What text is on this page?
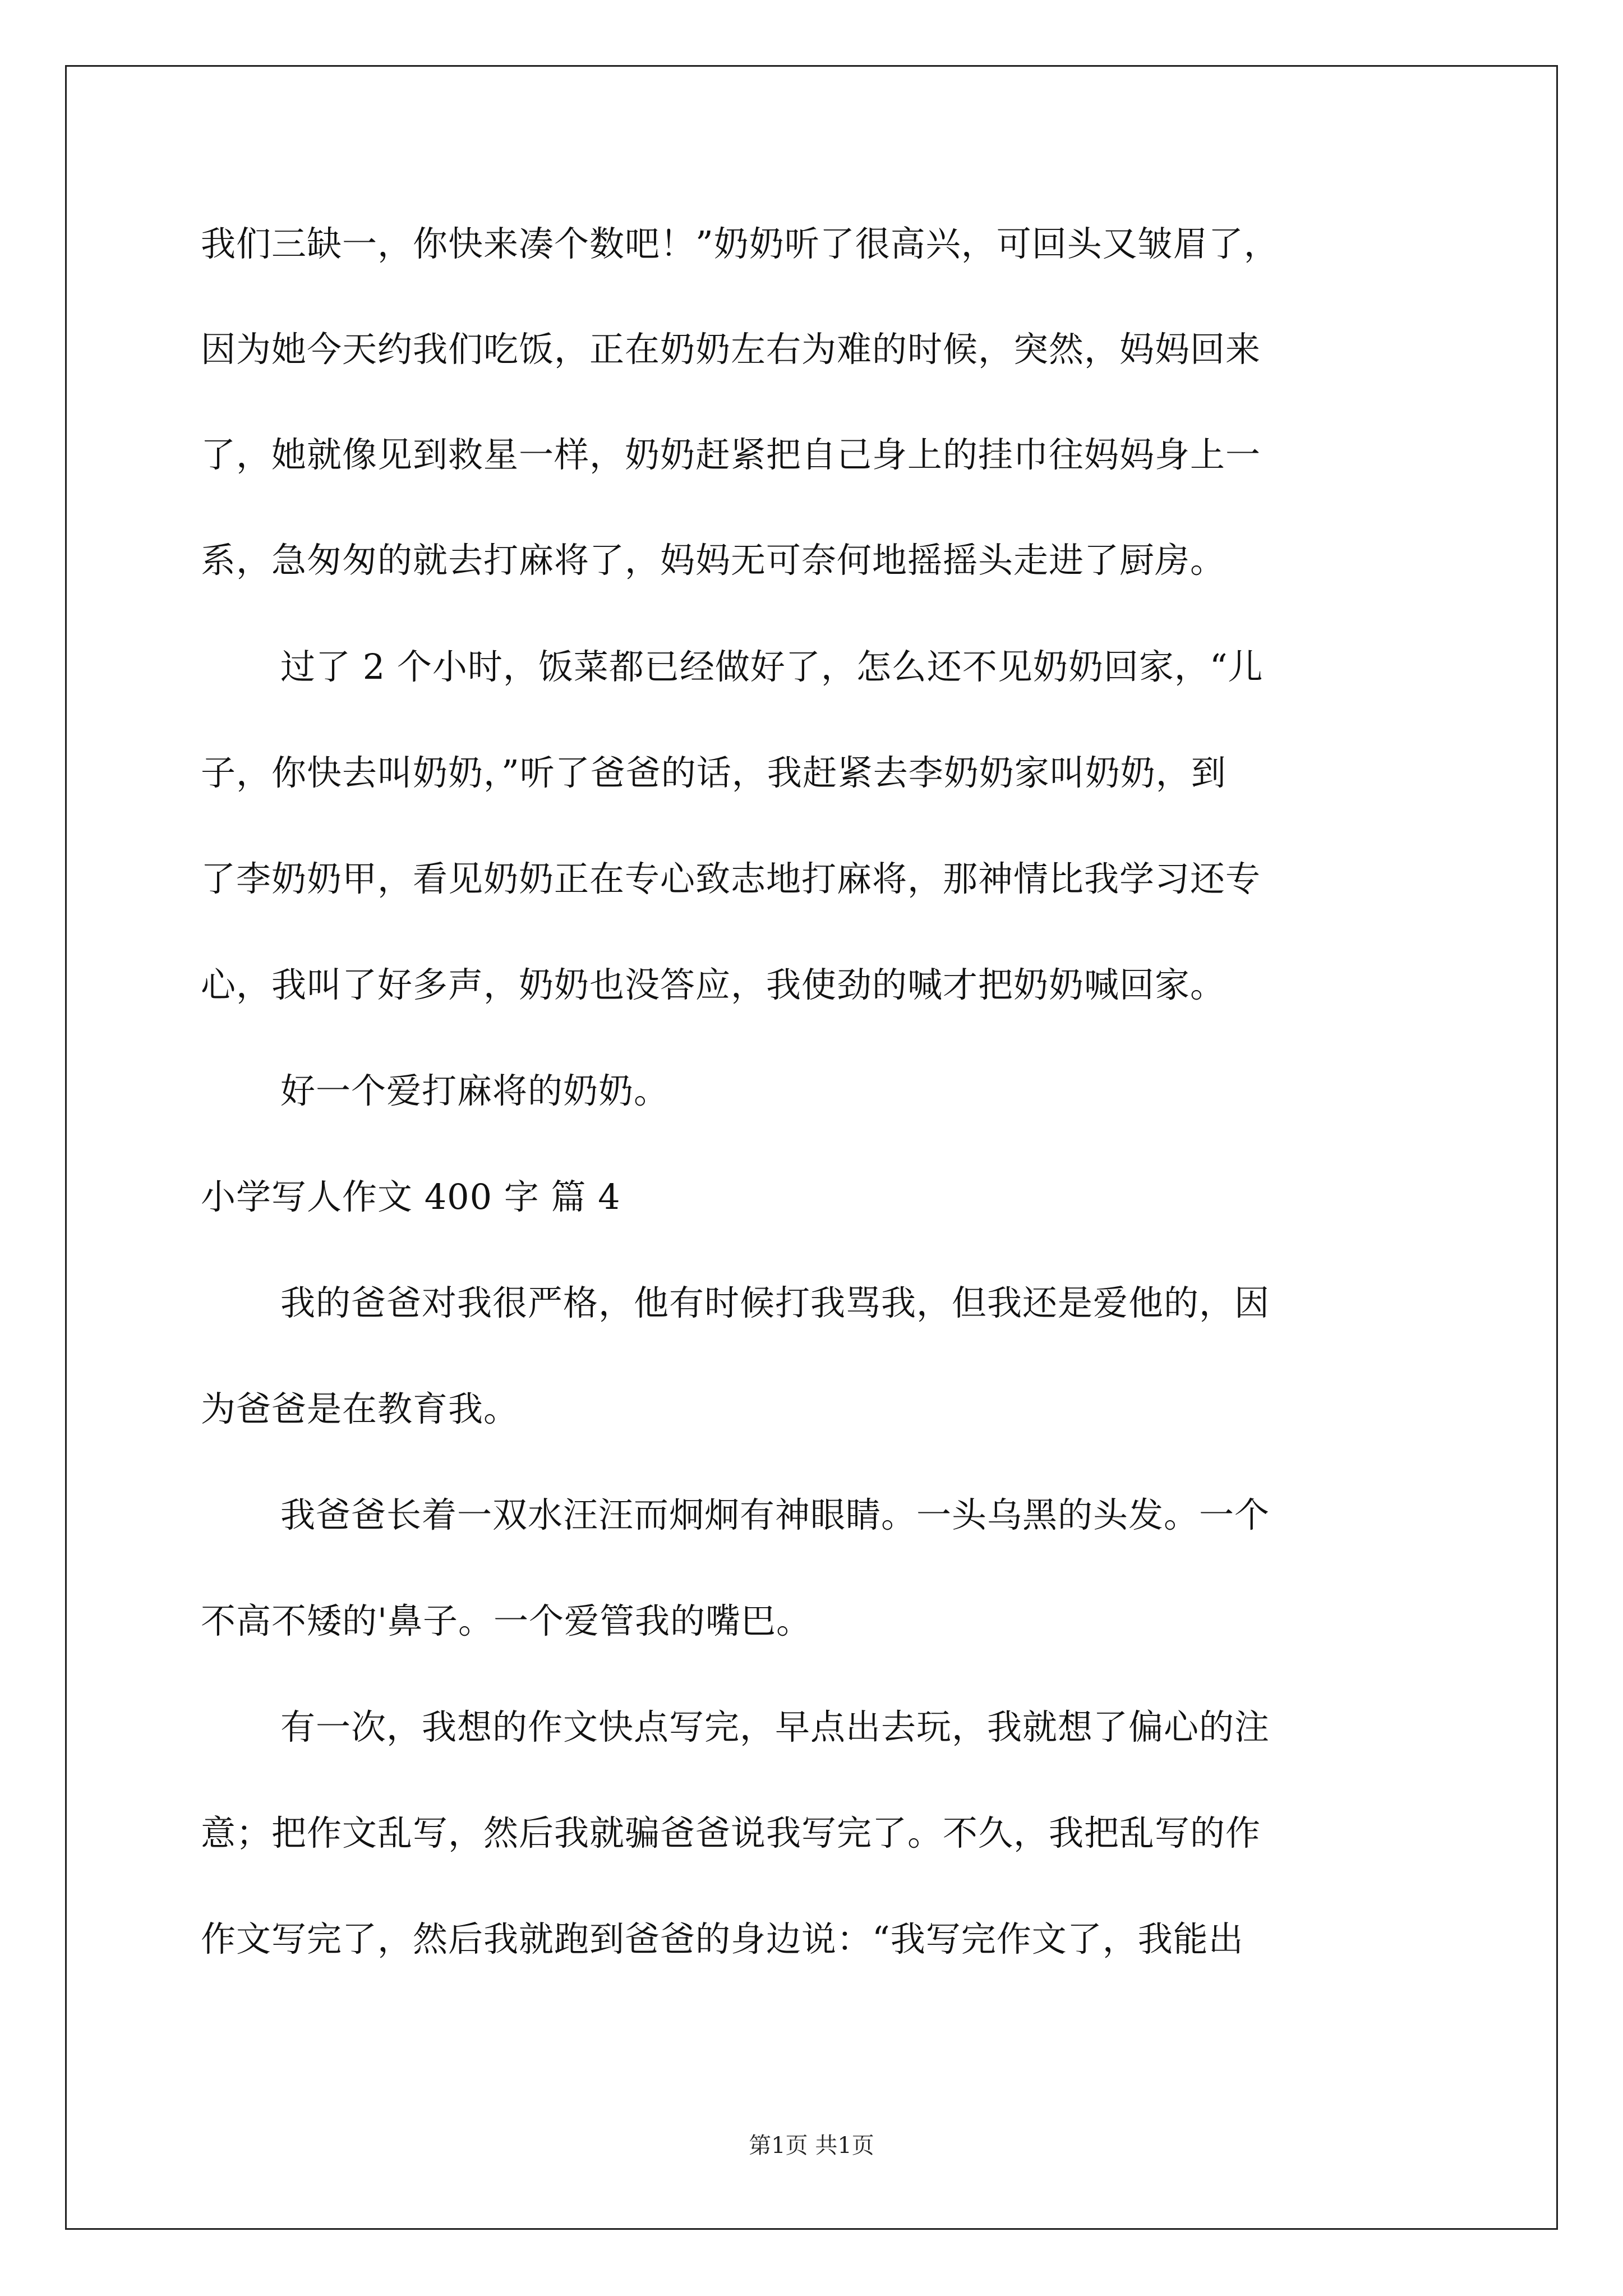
我们三缺一，你快来凑个数吧！”奶奶听了很高兴，可回头又皱眉了，
因为她今天约我们吃饭，正在奶奶左右为难的时候，突然，妈妈回来
了，她就像见到救星一样，奶奶赶紧把自己身上的挂巾往妈妈身上一
系，急匆匆的就去打麻将了，妈妈无可奈何地摇摇头走进了厨房。
过了 2 个小时，饭菜都已经做好了，怎么还不见奶奶回家，“儿
子，你快去叫奶奶，”听了爸爸的话，我赶紧去李奶奶家叫奶奶，到
了李奶奶甲，看见奶奶正在专心致志地打麻将，那神情比我学习还专
心，我叫了好多声，奶奶也没答应，我使劲的喊才把奶奶喊回家。
好一个爱打麻将的奶奶。
小学写人作文 400 字 篇 4
我的爸爸对我很严格，他有时候打我骂我，但我还是爱他的，因
为爸爸是在教育我。
我爸爸长着一双水汪汪而炯炯有神眼睛。一头乌黑的头发。一个
不高不矮的'鼻子。一个爱管我的嘴巴。
有一次，我想的作文快点写完，早点出去玩，我就想了偏心的注
意；把作文乱写，然后我就骗爸爸说我写完了。不久，我把乱写的作
作文写完了，然后我就跑到爸爸的身边说：“我写完作文了，我能出
第1页 共1页
